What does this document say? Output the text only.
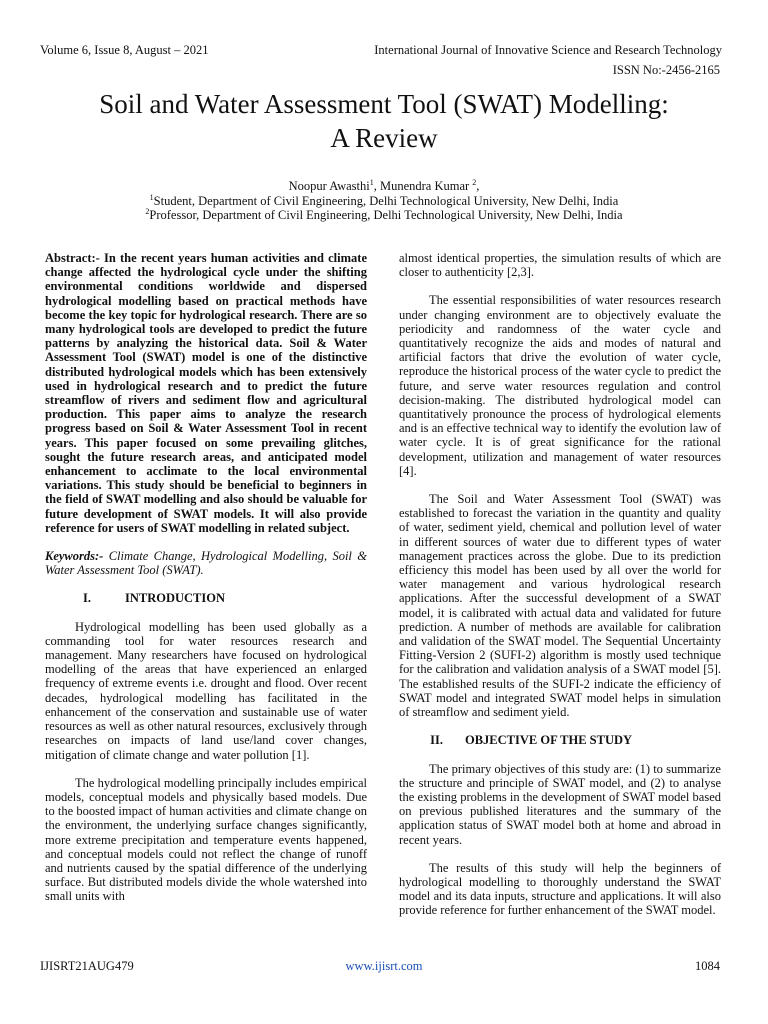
Volume 6, Issue 8, August – 2021	International Journal of Innovative Science and Research Technology
ISSN No:-2456-2165
Soil and Water Assessment Tool (SWAT) Modelling:
A Review
Noopur Awasthi$^1$, Munendra Kumar $^2$,
$^1$Student, Department of Civil Engineering, Delhi Technological University, New Delhi, India
$^2$Professor, Department of Civil Engineering, Delhi Technological University, New Delhi, India

Abstract:- In the recent years human activities and climate change affected the hydrological cycle under the shifting environmental conditions worldwide and dispersed hydrological modelling based on practical methods have become the key topic for hydrological research. There are so many hydrological tools are developed to predict the future patterns by analyzing the historical data. Soil & Water Assessment Tool (SWAT) model is one of the distinctive distributed hydrological models which has been extensively used in hydrological research and to predict the future streamflow of rivers and sediment flow and agricultural production. This paper aims to analyze the research progress based on Soil & Water Assessment Tool in recent years. This paper focused on some prevailing glitches, sought the future research areas, and anticipated model enhancement to acclimate to the local environmental variations. This study should be beneficial to beginners in the field of SWAT modelling and also should be valuable for future development of SWAT models. It will also provide reference for users of SWAT modelling in related subject.

Keywords:- Climate Change, Hydrological Modelling, Soil & Water Assessment Tool (SWAT).

I.	INTRODUCTION

Hydrological modelling has been used globally as a commanding tool for water resources research and management. Many researchers have focused on hydrological modelling of the areas that have experienced an enlarged frequency of extreme events i.e. drought and flood. Over recent decades, hydrological modelling has facilitated in the enhancement of the conservation and sustainable use of water resources as well as other natural resources, exclusively through researches on impacts of land use/land cover changes, mitigation of climate change and water pollution [1].

The hydrological modelling principally includes empirical models, conceptual models and physically based models. Due to the boosted impact of human activities and climate change on the environment, the underlying surface changes significantly, more extreme precipitation and temperature events happened, and conceptual models could not reflect the change of runoff and nutrients caused by the spatial difference of the underlying surface. But distributed models divide the whole watershed into small units with

almost identical properties, the simulation results of which are closer to authenticity [2,3].

The essential responsibilities of water resources research under changing environment are to objectively evaluate the periodicity and randomness of the water cycle and quantitatively recognize the aids and modes of natural and artificial factors that drive the evolution of water cycle, reproduce the historical process of the water cycle to predict the future, and serve water resources regulation and control decision-making. The distributed hydrological model can quantitatively pronounce the process of hydrological elements and is an effective technical way to identify the evolution law of water cycle. It is of great significance for the rational development, utilization and management of water resources [4].

The Soil and Water Assessment Tool (SWAT) was established to forecast the variation in the quantity and quality of water, sediment yield, chemical and pollution level of water in different sources of water due to different types of water management practices across the globe. Due to its prediction efficiency this model has been used by all over the world for water management and various hydrological research applications. After the successful development of a SWAT model, it is calibrated with actual data and validated for future prediction. A number of methods are available for calibration and validation of the SWAT model. The Sequential Uncertainty Fitting-Version 2 (SUFI-2) algorithm is mostly used technique for the calibration and validation analysis of a SWAT model [5]. The established results of the SUFI-2 indicate the efficiency of SWAT model and integrated SWAT model helps in simulation of streamflow and sediment yield.

II. OBJECTIVE OF THE STUDY

The primary objectives of this study are: (1) to summarize the structure and principle of SWAT model, and (2) to analyse the existing problems in the development of SWAT model based on previous published literatures and the summary of the application status of SWAT model both at home and abroad in recent years.

The results of this study will help the beginners of hydrological modelling to thoroughly understand the SWAT model and its data inputs, structure and applications. It will also provide reference for further enhancement of the SWAT model.

IJISRT21AUG479	www.ijisrt.com	1084
